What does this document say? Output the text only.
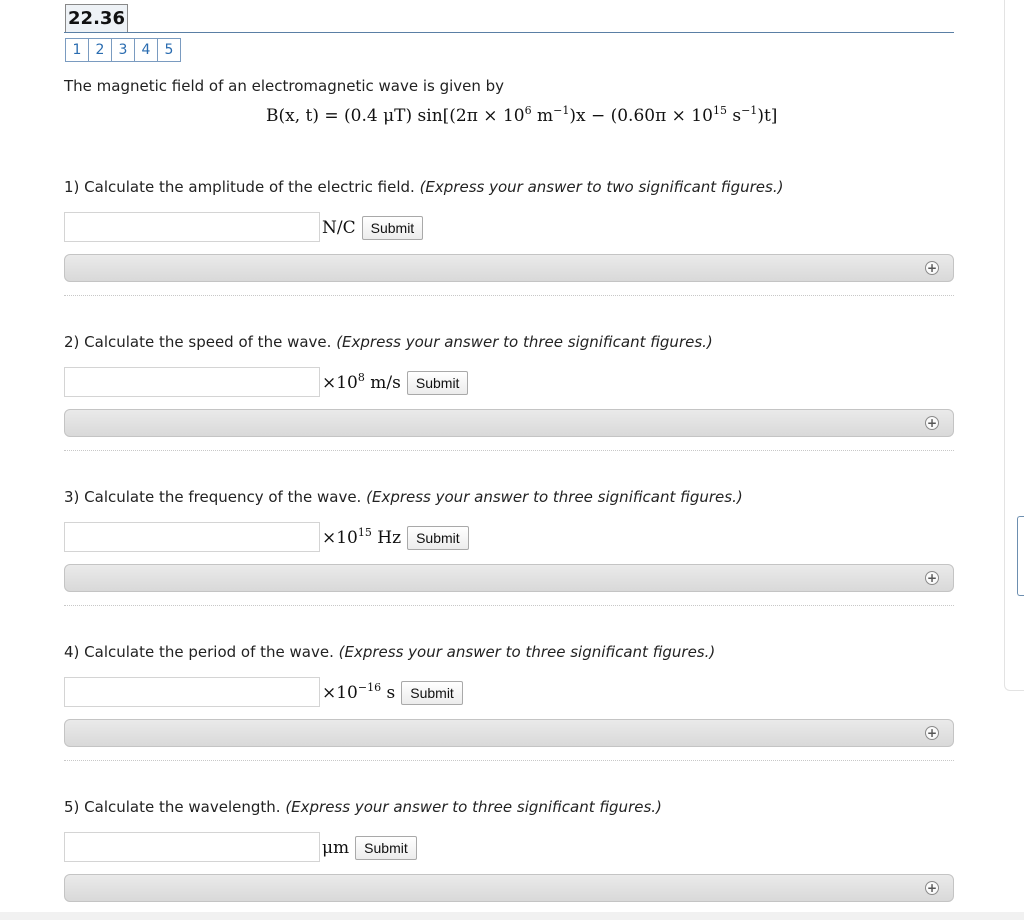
22.36
1	2	3	4	5
The magnetic field of an electromagnetic wave is given by
B(x, t) = (0.4 μT) $\sin[(2\pi \times 10^6$ $m^{-1})x - (0.60\pi \times 10^{15}$ $s^{-1})t$]
1) Calculate the amplitude of the electric field. (Express your answer to two significant figures.)
N/C	Submit
+
2) Calculate the speed of the wave. (Express your answer to three significant figures.)
$\times 10^8$ m/s	Submit
+
3) Calculate the frequency of the wave. (Express your answer to three significant figures.)
$\times 10^{15}$ Hz	Submit
+
4) Calculate the period of the wave. (Express your answer to three significant figures.)
$\times 10^{-16}$ s	Submit
+
5) Calculate the wavelength. (Express your answer to three significant figures.)
μm	Submit
+
